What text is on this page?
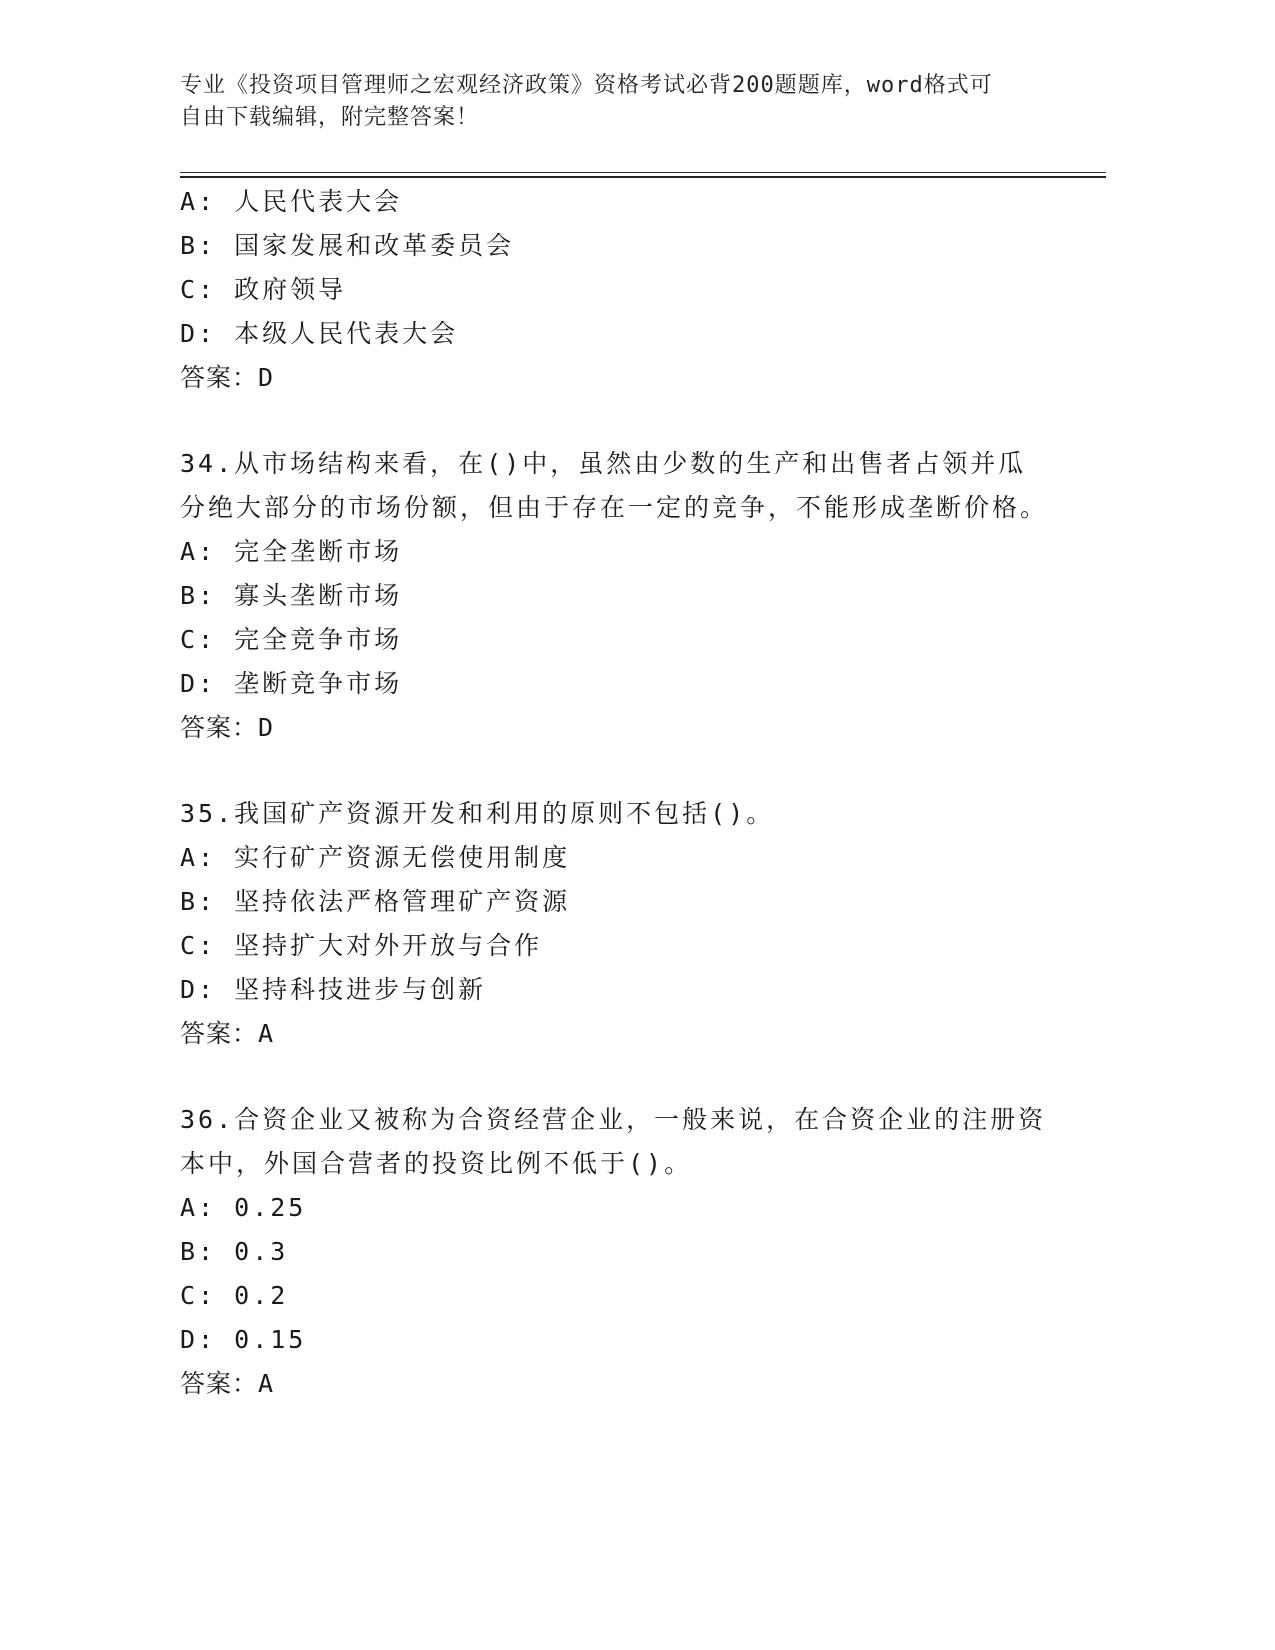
专业《投资项目管理师之宏观经济政策》资格考试必背200题题库，word格式可
自由下载编辑，附完整答案！
A: 人民代表大会
B: 国家发展和改革委员会
C: 政府领导
D: 本级人民代表大会
答案：D
34.从市场结构来看，在()中，虽然由少数的生产和出售者占领并瓜分绝大部分的市场份额，但由于存在一定的竞争，不能形成垄断价格。
A: 完全垄断市场
B: 寡头垄断市场
C: 完全竞争市场
D: 垄断竞争市场
答案：D
35.我国矿产资源开发和利用的原则不包括()。
A: 实行矿产资源无偿使用制度
B: 坚持依法严格管理矿产资源
C: 坚持扩大对外开放与合作
D: 坚持科技进步与创新
答案：A
36.合资企业又被称为合资经营企业，一般来说，在合资企业的注册资本中，外国合营者的投资比例不低于()。
A: 0.25
B: 0.3
C: 0.2
D: 0.15
答案：A
